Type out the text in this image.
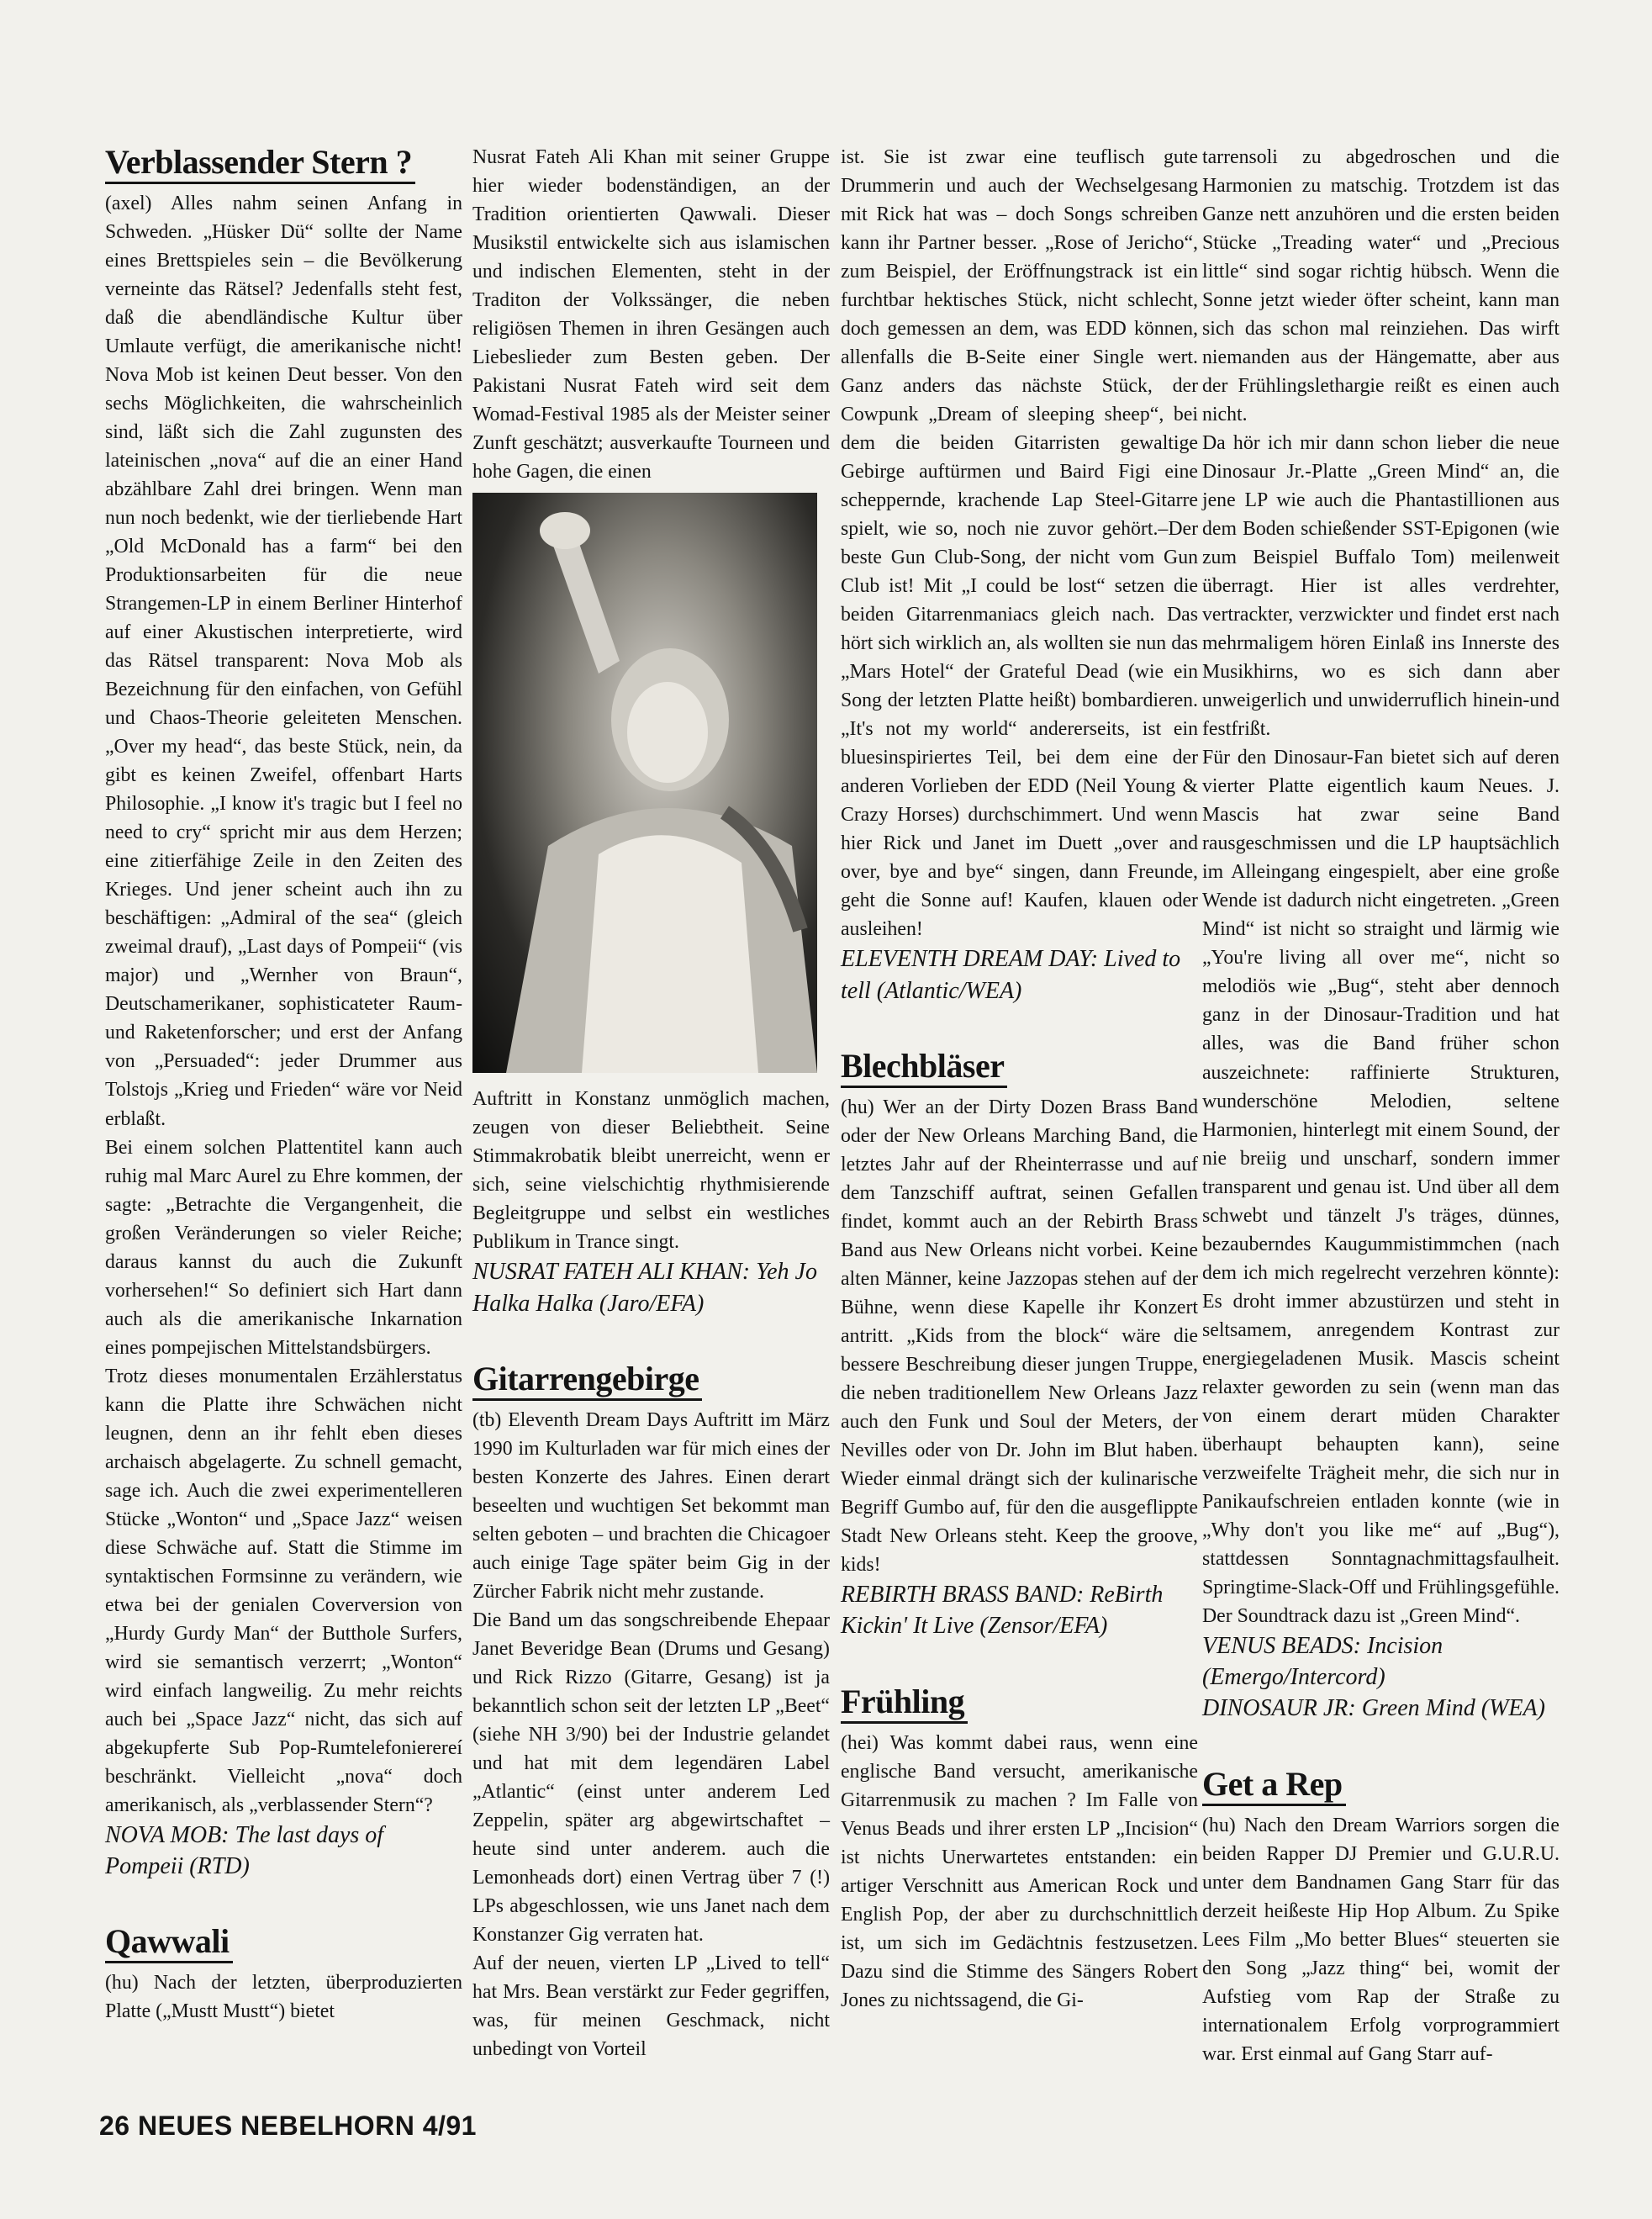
Verblassender Stern ?

(axel) Alles nahm seinen Anfang in Schweden. „Hüsker Dü“ sollte der Name eines Brettspieles sein – die Bevölkerung verneinte das Rätsel? Jedenfalls steht fest, daß die abendländische Kultur über Umlaute verfügt, die amerikanische nicht! Nova Mob ist keinen Deut besser. Von den sechs Möglichkeiten, die wahrscheinlich sind, läßt sich die Zahl zugunsten des lateinischen „nova“ auf die an einer Hand abzählbare Zahl drei bringen. Wenn man nun noch bedenkt, wie der tierliebende Hart „Old McDonald has a farm“ bei den Produktionsarbeiten für die neue Strangemen-LP in einem Berliner Hinterhof auf einer Akustischen interpretierte, wird das Rätsel transparent: Nova Mob als Bezeichnung für den einfachen, von Gefühl und Chaos-Theorie geleiteten Menschen. „Over my head“, das beste Stück, nein, da gibt es keinen Zweifel, offenbart Harts Philosophie. „I know it's tragic but I feel no need to cry“ spricht mir aus dem Herzen; eine zitierfähige Zeile in den Zeiten des Krieges. Und jener scheint auch ihn zu beschäftigen: „Admiral of the sea“ (gleich zweimal drauf), „Last days of Pompeii“ (vis major) und „Wernher von Braun“, Deutschamerikaner, sophisticateter Raum- und Raketenforscher; und erst der Anfang von „Persuaded“: jeder Drummer aus Tolstojs „Krieg und Frieden“ wäre vor Neid erblaßt.

Bei einem solchen Plattentitel kann auch ruhig mal Marc Aurel zu Ehre kommen, der sagte: „Betrachte die Vergangenheit, die großen Veränderungen so vieler Reiche; daraus kannst du auch die Zukunft vorhersehen!“ So definiert sich Hart dann auch als die amerikanische Inkarnation eines pompejischen Mittelstandsbürgers.

Trotz dieses monumentalen Erzählerstatus kann die Platte ihre Schwächen nicht leugnen, denn an ihr fehlt eben dieses archaisch abgelagerte. Zu schnell gemacht, sage ich. Auch die zwei experimentelleren Stücke „Wonton“ und „Space Jazz“ weisen diese Schwäche auf. Statt die Stimme im syntaktischen Formsinne zu verändern, wie etwa bei der genialen Coverversion von „Hurdy Gurdy Man“ der Butthole Surfers, wird sie semantisch verzerrt; „Wonton“ wird einfach langweilig. Zu mehr reichts auch bei „Space Jazz“ nicht, das sich auf abgekupferte Sub Pop-Rumtelefonierereí beschränkt. Vielleicht „nova“ doch amerikanisch, als „verblassender Stern“?

NOVA MOB: The last days of Pompeii (RTD)

Qawwali

(hu) Nach der letzten, überproduzierten Platte („Mustt Mustt“) bietet

Nusrat Fateh Ali Khan mit seiner Gruppe hier wieder bodenständigen, an der Tradition orientierten Qawwali. Dieser Musikstil entwickelte sich aus islamischen und indischen Elementen, steht in der Traditon der Volkssänger, die neben religiösen Themen in ihren Gesängen auch Liebeslieder zum Besten geben. Der Pakistani Nusrat Fateh wird seit dem Womad-Festival 1985 als der Meister seiner Zunft geschätzt; ausverkaufte Tourneen und hohe Gagen, die einen

Auftritt in Konstanz unmöglich machen, zeugen von dieser Beliebtheit. Seine Stimmakrobatik bleibt unerreicht, wenn er sich, seine vielschichtig rhythmisierende Begleitgruppe und selbst ein westliches Publikum in Trance singt.

NUSRAT FATEH ALI KHAN: Yeh Jo Halka Halka (Jaro/EFA)

Gitarrengebirge

(tb) Eleventh Dream Days Auftritt im März 1990 im Kulturladen war für mich eines der besten Konzerte des Jahres. Einen derart beseelten und wuchtigen Set bekommt man selten geboten – und brachten die Chicagoer auch einige Tage später beim Gig in der Zürcher Fabrik nicht mehr zustande.

Die Band um das songschreibende Ehepaar Janet Beveridge Bean (Drums und Gesang) und Rick Rizzo (Gitarre, Gesang) ist ja bekanntlich schon seit der letzten LP „Beet“ (siehe NH 3/90) bei der Industrie gelandet und hat mit dem legendären Label „Atlantic“ (einst unter anderem Led Zeppelin, später arg abgewirtschaftet – heute sind unter anderem. auch die Lemonheads dort) einen Vertrag über 7 (!) LPs abgeschlossen, wie uns Janet nach dem Konstanzer Gig verraten hat.

Auf der neuen, vierten LP „Lived to tell“ hat Mrs. Bean verstärkt zur Feder gegriffen, was, für meinen Geschmack, nicht unbedingt von Vorteil

ist. Sie ist zwar eine teuflisch gute Drummerin und auch der Wechselgesang mit Rick hat was – doch Songs schreiben kann ihr Partner besser. „Rose of Jericho“, zum Beispiel, der Eröffnungstrack ist ein furchtbar hektisches Stück, nicht schlecht, doch gemessen an dem, was EDD können, allenfalls die B-Seite einer Single wert. Ganz anders das nächste Stück, der Cowpunk „Dream of sleeping sheep“, bei dem die beiden Gitarristen gewaltige Gebirge auftürmen und Baird Figi eine scheppernde, krachende Lap Steel-Gitarre spielt, wie so, noch nie zuvor gehört.–Der beste Gun Club-Song, der nicht vom Gun Club ist! Mit „I could be lost“ setzen die beiden Gitarrenmaniacs gleich nach. Das hört sich wirklich an, als wollten sie nun das „Mars Hotel“ der Grateful Dead (wie ein Song der letzten Platte heißt) bombardieren. „It's not my world“ andererseits, ist ein bluesinspiriertes Teil, bei dem eine der anderen Vorlieben der EDD (Neil Young & Crazy Horses) durchschimmert. Und wenn hier Rick und Janet im Duett „over and over, bye and bye“ singen, dann Freunde, geht die Sonne auf! Kaufen, klauen oder ausleihen!

ELEVENTH DREAM DAY: Lived to tell (Atlantic/WEA)

Blechbläser

(hu) Wer an der Dirty Dozen Brass Band oder der New Orleans Marching Band, die letztes Jahr auf der Rheinterrasse und auf dem Tanzschiff auftrat, seinen Gefallen findet, kommt auch an der Rebirth Brass Band aus New Orleans nicht vorbei. Keine alten Männer, keine Jazzopas stehen auf der Bühne, wenn diese Kapelle ihr Konzert antritt. „Kids from the block“ wäre die bessere Beschreibung dieser jungen Truppe, die neben traditionellem New Orleans Jazz auch den Funk und Soul der Meters, der Nevilles oder von Dr. John im Blut haben. Wieder einmal drängt sich der kulinarische Begriff Gumbo auf, für den die ausgeflippte Stadt New Orleans steht. Keep the groove, kids!

REBIRTH BRASS BAND: ReBirth Kickin' It Live (Zensor/EFA)

Frühling

(hei) Was kommt dabei raus, wenn eine englische Band versucht, amerikanische Gitarrenmusik zu machen ? Im Falle von Venus Beads und ihrer ersten LP „Incision“ ist nichts Unerwartetes entstanden: ein artiger Verschnitt aus American Rock und English Pop, der aber zu durchschnittlich ist, um sich im Gedächtnis festzusetzen. Dazu sind die Stimme des Sängers Robert Jones zu nichtssagend, die Gi-

tarrensoli zu abgedroschen und die Harmonien zu matschig. Trotzdem ist das Ganze nett anzuhören und die ersten beiden Stücke „Treading water“ und „Precious little“ sind sogar richtig hübsch. Wenn die Sonne jetzt wieder öfter scheint, kann man sich das schon mal reinziehen. Das wirft niemanden aus der Hängematte, aber aus der Frühlingslethargie reißt es einen auch nicht.

Da hör ich mir dann schon lieber die neue Dinosaur Jr.-Platte „Green Mind“ an, die jene LP wie auch die Phantastillionen aus dem Boden schießender SST-Epigonen (wie zum Beispiel Buffalo Tom) meilenweit überragt. Hier ist alles verdrehter, vertrackter, verzwickter und findet erst nach mehrmaligem hören Einlaß ins Innerste des Musikhirns, wo es sich dann aber unweigerlich und unwiderruflich hinein-und festfrißt.

Für den Dinosaur-Fan bietet sich auf deren vierter Platte eigentlich kaum Neues. J. Mascis hat zwar seine Band rausgeschmissen und die LP hauptsächlich im Alleingang eingespielt, aber eine große Wende ist dadurch nicht eingetreten. „Green Mind“ ist nicht so straight und lärmig wie „You're living all over me“, nicht so melodiös wie „Bug“, steht aber dennoch ganz in der Dinosaur-Tradition und hat alles, was die Band früher schon auszeichnete: raffinierte Strukturen, wunderschöne Melodien, seltene Harmonien, hinterlegt mit einem Sound, der nie breiig und unscharf, sondern immer transparent und genau ist. Und über all dem schwebt und tänzelt J's träges, dünnes, bezauberndes Kaugummistimmchen (nach dem ich mich regelrecht verzehren könnte): Es droht immer abzustürzen und steht in seltsamem, anregendem Kontrast zur energiegeladenen Musik. Mascis scheint relaxter geworden zu sein (wenn man das von einem derart müden Charakter überhaupt behaupten kann), seine verzweifelte Trägheit mehr, die sich nur in Panikaufschreien entladen konnte (wie in „Why don't you like me“ auf „Bug“), stattdessen Sonntagnachmittagsfaulheit. Springtime-Slack-Off und Frühlingsgefühle. Der Soundtrack dazu ist „Green Mind“.

VENUS BEADS: Incision (Emergo/Intercord)

DINOSAUR JR: Green Mind (WEA)

Get a Rep

(hu) Nach den Dream Warriors sorgen die beiden Rapper DJ Premier und G.U.R.U. unter dem Bandnamen Gang Starr für das derzeit heißeste Hip Hop Album. Zu Spike Lees Film „Mo better Blues“ steuerten sie den Song „Jazz thing“ bei, womit der Aufstieg vom Rap der Straße zu internationalem Erfolg vorprogrammiert war. Erst einmal auf Gang Starr auf-

26 NEUES NEBELHORN 4/91
